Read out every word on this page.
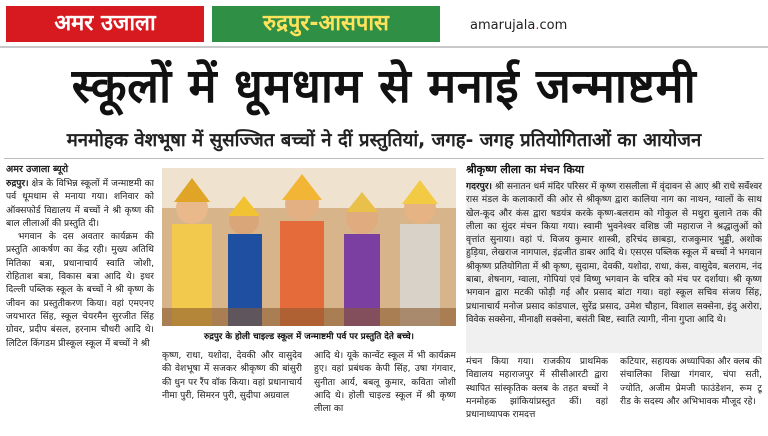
अमर उजाला	रुद्रपुर-आसपास	amarujala.com
स्कूलों में धूमधाम से मनाई जन्माष्टमी
मनमोहक वेशभूषा में सुसज्जित बच्चों ने दीं प्रस्तुतियां, जगह- जगह प्रतियोगिताओं का आयोजन
अमर उजाला ब्यूरो

रुद्रपुर। क्षेत्र के विभिन्न स्कूलों में जन्माष्टमी का पर्व धूमधाम से मनाया गया। शनिवार को ऑक्सफोर्ड विद्यालय में बच्चों ने श्री कृष्ण की बाल लीलाओं की प्रस्तुति दी।

भगवान के दस अवतार कार्यक्रम की प्रस्तुति आकर्षण का केंद्र रही। मुख्य अतिथि मितिका बत्रा, प्रधानाचार्य स्वाति जोशी, रोहिताश बत्रा, विकास बत्रा आदि थे। इधर दिल्ली पब्लिक स्कूल के बच्चों ने श्री कृष्ण के जीवन का प्रस्तुतीकरण किया। वहां एमएनए जयभारत सिंह, स्कूल चेयरमैन सुरजीत सिंह ग्रोवर, प्रदीप बंसल, हरनाम चौधरी आदि थे। लिटिल किंगडम प्रीस्कूल स्कूल में बच्चों ने श्री

रुद्रपुर के होली चाइल्ड स्कूल में जन्माष्टमी पर्व पर प्रस्तुति देते बच्चे।

कृष्ण, राधा, यशोदा, देवकी और वासुदेव की वेशभूषा में सजकर श्रीकृष्ण की बांसुरी की धुन पर रैंप वॉक किया। वहां प्रधानाचार्य नीमा पुरी, सिमरन पुरी, सुदीपा अग्रवाल

आदि थे। यूके कान्वेंट स्कूल में भी कार्यक्रम हुए। वहां प्रबंधक केपी सिंह, उषा गंगवार, सुनीता आर्य, बबलू कुमार, कविता जोशी आदि थे। होली चाइल्ड स्कूल में श्री कृष्ण लीला का

श्रीकृष्ण लीला का मंचन किया

गदरपुर। श्री सनातन धर्म मंदिर परिसर में कृष्ण रासलीला में वृंदावन से आए श्री राधे सर्वेश्वर रास मंडल के कलाकारों की ओर से श्रीकृष्ण द्वारा कालिया नाग का नाथन, ग्वालों के साथ खेल-कूद और कंस द्वारा षडयंत्र करके कृष्ण-बलराम को गोकुल से मथुरा बुलाने तक की लीला का सुंदर मंचन किया गया। स्वामी भुवनेश्वर वशिष्ठ जी महाराज ने श्रद्धालुओं को वृत्तांत सुनाया। वहां पं. विजय कुमार शास्त्री, हरिचंद छाबड़ा, राजकुमार भुड्डी, अशोक हुड़िया, लेखराज नागपाल, इंद्रजीत डाबर आदि थे। एसएस पब्लिक स्कूल में बच्चों ने भगवान श्रीकृष्ण प्रतियोगिता में श्री कृष्ण, सुदामा, देवकी, यशोदा, राधा, कंस, वासुदेव, बलराम, नंद बाबा, शेषनाग, ग्वाला, गोपियां एवं विष्णु भगवान के चरित्र को मंच पर दर्शाया। श्री कृष्ण भगवान द्वारा मटकी फोड़ी गई और प्रसाद बांटा गया। वहां स्कूल सचिव संजय सिंह, प्रधानाचार्य मनोज प्रसाद कांडपाल, सुरेंद्र प्रसाद, उमेश चौहान, विशाल सक्सेना, इंदु अरोरा, विवेक सक्सेना, मीनाक्षी सक्सेना, बसंती बिष्ट, स्वाति त्यागी, नीना गुप्ता आदि थे।

मंचन किया गया। राजकीय प्राथमिक विद्यालय महाराजपुर में सीसीआरटी द्वारा स्थापित सांस्कृतिक क्लब के तहत बच्चों ने मनमोहक झांकियांप्रस्तुत कीं। वहां प्रधानाध्यापक रामदत्त

कटियार, सहायक अध्यापिका और क्लब की संचालिका शिखा गंगवार, चंपा सती, ज्योति, अजीम प्रेमजी फाउंडेशन, रूम टू रीड के सदस्य और अभिभावक मौजूद रहे।
